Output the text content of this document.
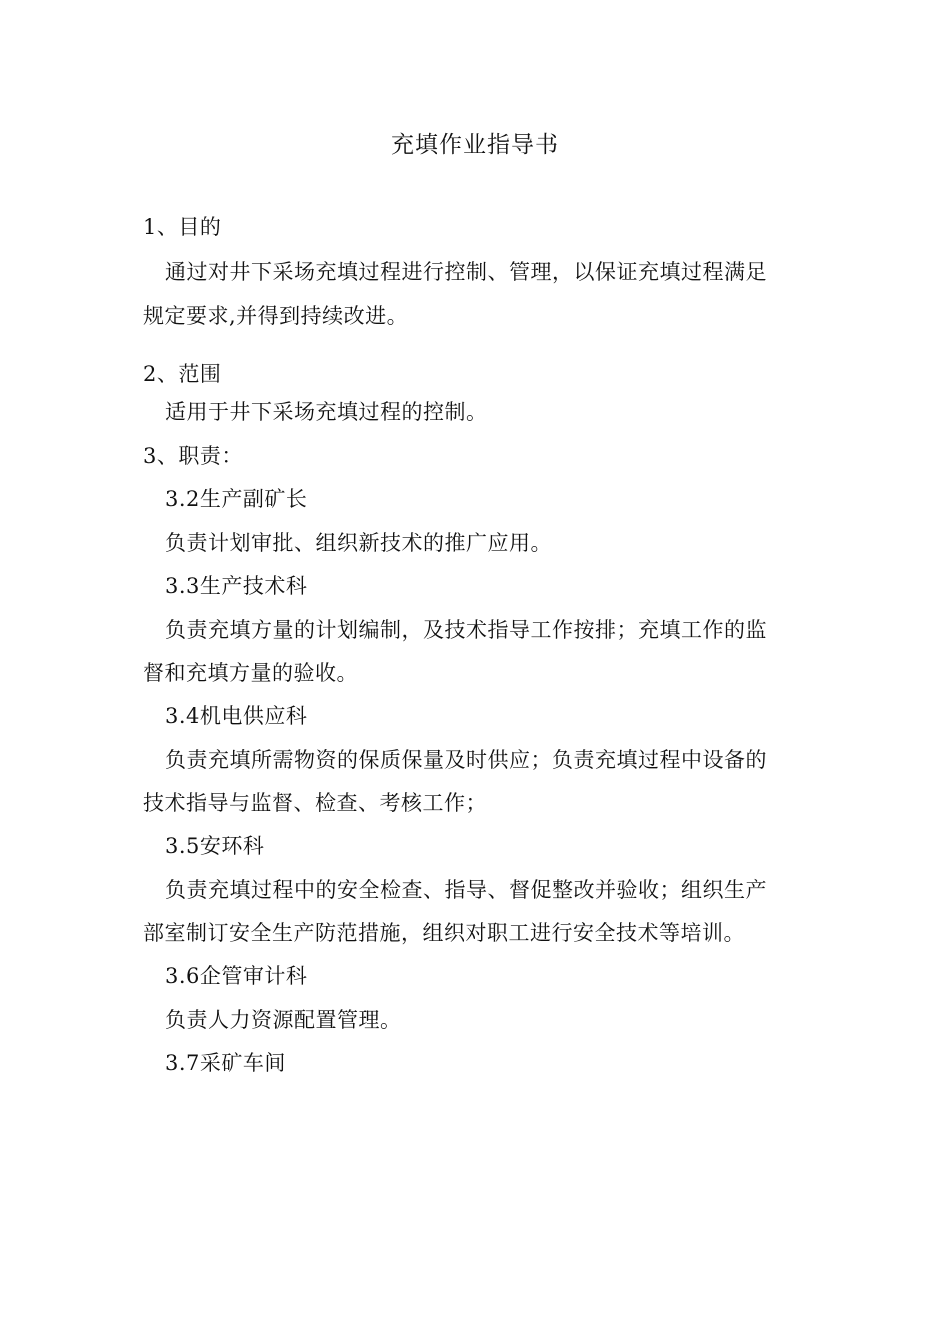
充填作业指导书
1、目的
通过对井下采场充填过程进行控制、管理，以保证充填过程满足
规定要求,并得到持续改进。
2、范围
适用于井下采场充填过程的控制。
3、职责：
3.2生产副矿长
负责计划审批、组织新技术的推广应用。
3.3生产技术科
负责充填方量的计划编制，及技术指导工作按排；充填工作的监
督和充填方量的验收。
3.4机电供应科
负责充填所需物资的保质保量及时供应；负责充填过程中设备的
技术指导与监督、检查、考核工作；
3.5安环科
负责充填过程中的安全检查、指导、督促整改并验收；组织生产
部室制订安全生产防范措施，组织对职工进行安全技术等培训。
3.6企管审计科
负责人力资源配置管理。
3.7采矿车间
